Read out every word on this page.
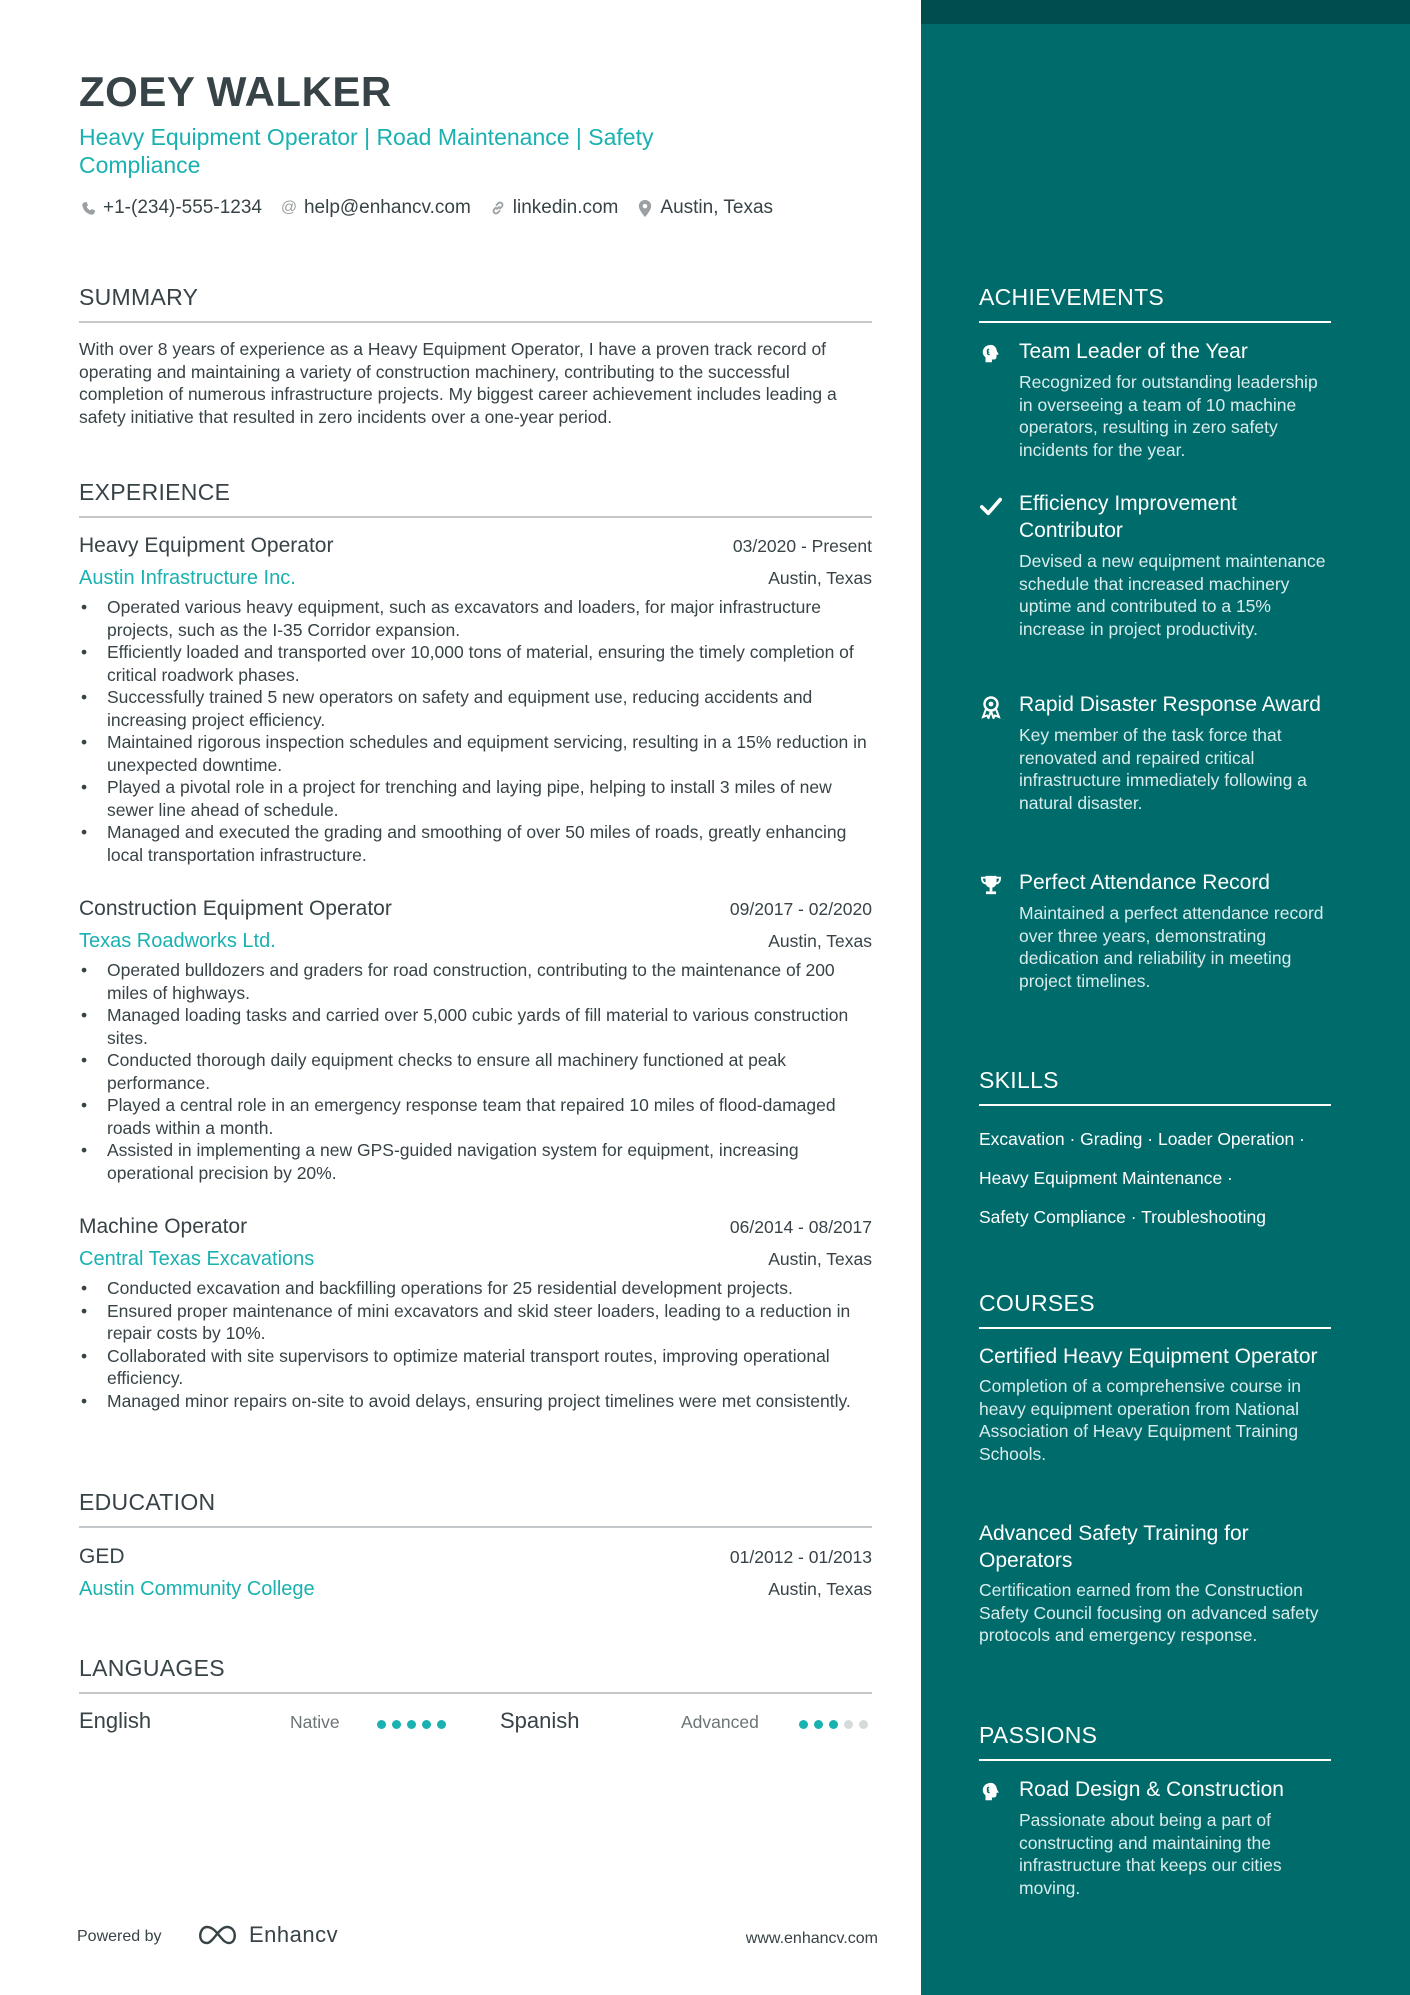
ZOEY WALKER
Heavy Equipment Operator | Road Maintenance | Safety Compliance
+1-(234)-555-1234 @ help@enhancv.com linkedin.com Austin, Texas
SUMMARY
With over 8 years of experience as a Heavy Equipment Operator, I have a proven track record of operating and maintaining a variety of construction machinery, contributing to the successful completion of numerous infrastructure projects. My biggest career achievement includes leading a safety initiative that resulted in zero incidents over a one-year period.
EXPERIENCE
Heavy Equipment Operator	03/2020 - Present
Austin Infrastructure Inc.	Austin, Texas
• Operated various heavy equipment, such as excavators and loaders, for major infrastructure projects, such as the I-35 Corridor expansion.
• Efficiently loaded and transported over 10,000 tons of material, ensuring the timely completion of critical roadwork phases.
• Successfully trained 5 new operators on safety and equipment use, reducing accidents and increasing project efficiency.
• Maintained rigorous inspection schedules and equipment servicing, resulting in a 15% reduction in unexpected downtime.
• Played a pivotal role in a project for trenching and laying pipe, helping to install 3 miles of new sewer line ahead of schedule.
• Managed and executed the grading and smoothing of over 50 miles of roads, greatly enhancing local transportation infrastructure.
Construction Equipment Operator	09/2017 - 02/2020
Texas Roadworks Ltd.	Austin, Texas
• Operated bulldozers and graders for road construction, contributing to the maintenance of 200 miles of highways.
• Managed loading tasks and carried over 5,000 cubic yards of fill material to various construction sites.
• Conducted thorough daily equipment checks to ensure all machinery functioned at peak performance.
• Played a central role in an emergency response team that repaired 10 miles of flood-damaged roads within a month.
• Assisted in implementing a new GPS-guided navigation system for equipment, increasing operational precision by 20%.
Machine Operator	06/2014 - 08/2017
Central Texas Excavations	Austin, Texas
• Conducted excavation and backfilling operations for 25 residential development projects.
• Ensured proper maintenance of mini excavators and skid steer loaders, leading to a reduction in repair costs by 10%.
• Collaborated with site supervisors to optimize material transport routes, improving operational efficiency.
• Managed minor repairs on-site to avoid delays, ensuring project timelines were met consistently.
EDUCATION
GED	01/2012 - 01/2013
Austin Community College	Austin, Texas
LANGUAGES
English	Native	Spanish	Advanced
Powered by	Enhancv	www.enhancv.com
ACHIEVEMENTS
Team Leader of the Year
Recognized for outstanding leadership in overseeing a team of 10 machine operators, resulting in zero safety incidents for the year.
Efficiency Improvement Contributor
Devised a new equipment maintenance schedule that increased machinery uptime and contributed to a 15% increase in project productivity.
Rapid Disaster Response Award
Key member of the task force that renovated and repaired critical infrastructure immediately following a natural disaster.
Perfect Attendance Record
Maintained a perfect attendance record over three years, demonstrating dedication and reliability in meeting project timelines.
SKILLS
Excavation · Grading · Loader Operation ·
Heavy Equipment Maintenance ·
Safety Compliance · Troubleshooting
COURSES
Certified Heavy Equipment Operator
Completion of a comprehensive course in heavy equipment operation from National Association of Heavy Equipment Training Schools.
Advanced Safety Training for Operators
Certification earned from the Construction Safety Council focusing on advanced safety protocols and emergency response.
PASSIONS
Road Design & Construction
Passionate about being a part of constructing and maintaining the infrastructure that keeps our cities moving.
